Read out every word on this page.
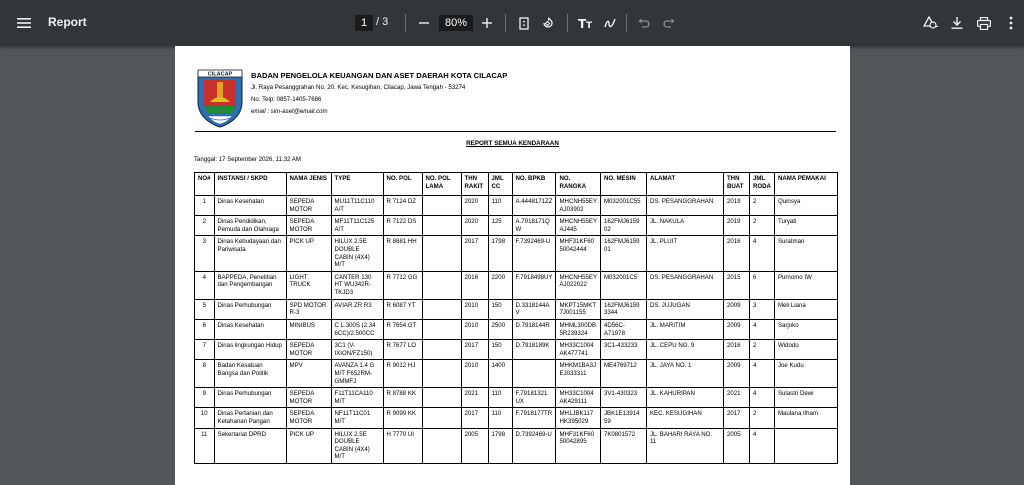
Report	1 / 3	80%	T T
CILACAP BADAN PENGELOLA KEUANGAN DAN ASET DAERAH KOTA CILACAP
Jl. Raya Pesanggrahan No. 20, Kec. Kesugihan, Cilacap, Jawa Tengah - 53274
No. Telp: 0857-1405-7686
email : sim-aset@email.com
REPORT SEMUA KENDARAAN
Tanggal: 17 September 2026, 11:32 AM
NO#	INSTANSI / SKPD	NAMA JENIS	TYPE	NO. POL	NO. POL LAMA	THN RAKIT	JML CC	NO. BPKB	NO. RANGKA	NO. MESIN	ALAMAT	THN BUAT	JML RODA	NAMA PEMAKAI
1	Dinas Kesehatan	SEPEDA MOTOR	MU11T11C110 A/T	R 7124 DZ		2020	110	A.4448171ZZ	MHCNH55EY AJ03902	M032001C55	DS. PESANGGRAHAN	2019	2	Quinsya
2	Dinas Pendidikan, Pemuda dan Olahraga	SEPEDA MOTOR	MF11T11C125 A/T	R 7122 DS		2020	125	A.7918171Q W	MHCNH55EY AJ445	162FMJ6159 02	JL. NAKULA	2019	2	Turyati
3	Dinas Kebudayaan dan Pariwisata	PICK UP	HILUX 2.5E DOUBLE CABIN (4X4) M/T	R 8681 HH		2017	1798	F.7392469-U	MHF31KF60 50042444	162FMJ6159 01	JL. PLUIT	2016	4	Suratman
4	BAPPEDA, Penelitian dan Pengembangan	LIGHT TRUCK	CANTER 130 HT WU342R-TKJD3	R 7712 GG		2016	2200	F.7918498UY	MHCNH55EY AJ022022	M032001C5	DS. PESANGGRAHAN	2015	6	Purnomo IW
5	Dinas Perhubungan	SPD MOTOR R-3	AVIAR ZR R3	R 6087 YT		2010	150	D.3318144A V	MKPT15MKT 7J001155	162FMJ6159 3344	DS. JUJUGAN	2009	3	Meli Liana
6	Dinas Kesehatan	MINIBUS	C L.300S (2.34 6CC)/2.500CC	R 7654 GT		2010	2500	D.7918144R	MHML300DB 5R239324	4D56C-A71978	JL. MARITIM	2009	4	Sarjoko
7	Dinas lingkungan Hidup	SEPEDA MOTOR	3C1 (V-IXION/FZ150)	R 7677 LO		2017	150	D.7918189K	MH33C1004 AK477741	3C1-433233	JL. CEPU NO. 9	2016	2	Widodo
8	Badan Kesatuan Bangsa dan Politik	MPV	AVANZA 1.4 G M/T F652RM-GMMFJ	R 9012 HJ		2010	1400		MHKM1BA3J EJ033311	ME4769712	JL. JAYA NO. 1	2009	4	Joe Kudu
9	Dinas Perhubungan	SEPEDA MOTOR	F11T11CA110 M/T	R 8788 KK		2021	110	F.79181321 UX	MH33C1004 AK429111	3V1-430323	JL. KAHURIPAN	2021	4	Sulastri Dewi
10	Dinas Pertanian dan Ketahanan Pangan	SEPEDA MOTOR	NF11T11C01 M/T	R 9099 KK		2017	110	F.7918177TR	MH1JBK117 HK395029	JBK1E13914 59	KEC. KESUGIHAN	2017	2	Maulana Ilham
11	Sekertariat DPRD	PICK UP	HILUX 2.5E DOUBLE CABIN (4X4) M/T	H 7770 UI		2005	1798	D.7392469-U	MHF31KF60 50042895	7K0801572	JL. BAHARI RAYA NO. 11	2005	4	
